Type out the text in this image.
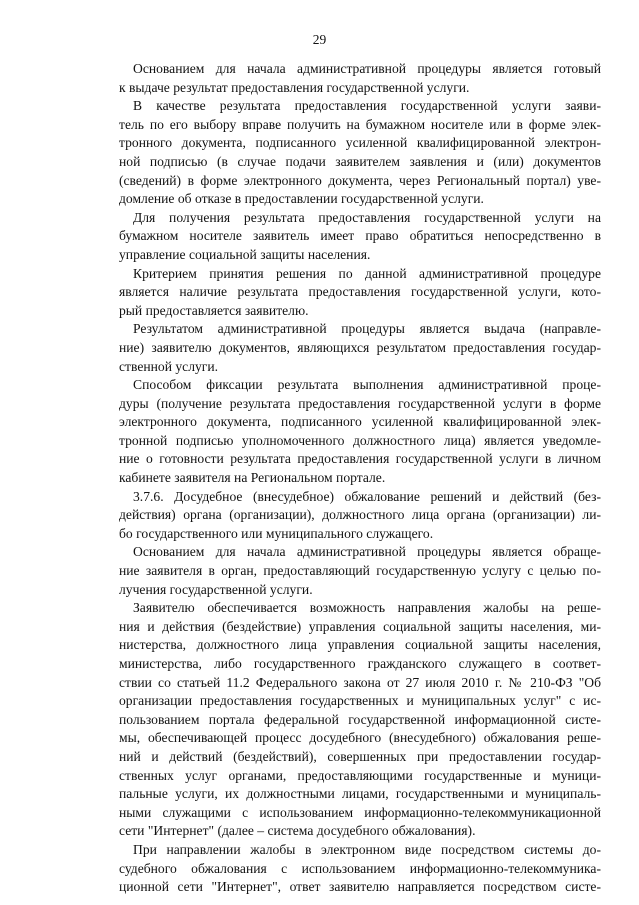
29
Основанием для начала административной процедуры является готовый
к выдаче результат предоставления государственной услуги.
В качестве результата предоставления государственной услуги заяви-
тель по его выбору вправе получить на бумажном носителе или в форме элек-
тронного документа, подписанного усиленной квалифицированной электрон-
ной подписью (в случае подачи заявителем заявления и (или) документов
(сведений) в форме электронного документа, через Региональный портал) уве-
домление об отказе в предоставлении государственной услуги.
Для получения результата предоставления государственной услуги на
бумажном носителе заявитель имеет право обратиться непосредственно в
управление социальной защиты населения.
Критерием принятия решения по данной административной процедуре
является наличие результата предоставления государственной услуги, кото-
рый предоставляется заявителю.
Результатом административной процедуры является выдача (направле-
ние) заявителю документов, являющихся результатом предоставления государ-
ственной услуги.
Способом фиксации результата выполнения административной проце-
дуры (получение результата предоставления государственной услуги в форме
электронного документа, подписанного усиленной квалифицированной элек-
тронной подписью уполномоченного должностного лица) является уведомле-
ние о готовности результата предоставления государственной услуги в личном
кабинете заявителя на Региональном портале.
3.7.6. Досудебное (внесудебное) обжалование решений и действий (без-
действия) органа (организации), должностного лица органа (организации) ли-
бо государственного или муниципального служащего.
Основанием для начала административной процедуры является обраще-
ние заявителя в орган, предоставляющий государственную услугу с целью по-
лучения государственной услуги.
Заявителю обеспечивается возможность направления жалобы на реше-
ния и действия (бездействие) управления социальной защиты населения, ми-
нистерства, должностного лица управления социальной защиты населения,
министерства, либо государственного гражданского служащего в соответ-
ствии со статьей 11.2 Федерального закона от 27 июля 2010 г. № 210-ФЗ "Об
организации предоставления государственных и муниципальных услуг" с ис-
пользованием портала федеральной государственной информационной систе-
мы, обеспечивающей процесс досудебного (внесудебного) обжалования реше-
ний и действий (бездействий), совершенных при предоставлении государ-
ственных услуг органами, предоставляющими государственные и муници-
пальные услуги, их должностными лицами, государственными и муниципаль-
ными служащими с использованием информационно-телекоммуникационной
сети "Интернет" (далее – система досудебного обжалования).
При направлении жалобы в электронном виде посредством системы до-
судебного обжалования с использованием информационно-телекоммуника-
ционной сети "Интернет", ответ заявителю направляется посредством систе-
